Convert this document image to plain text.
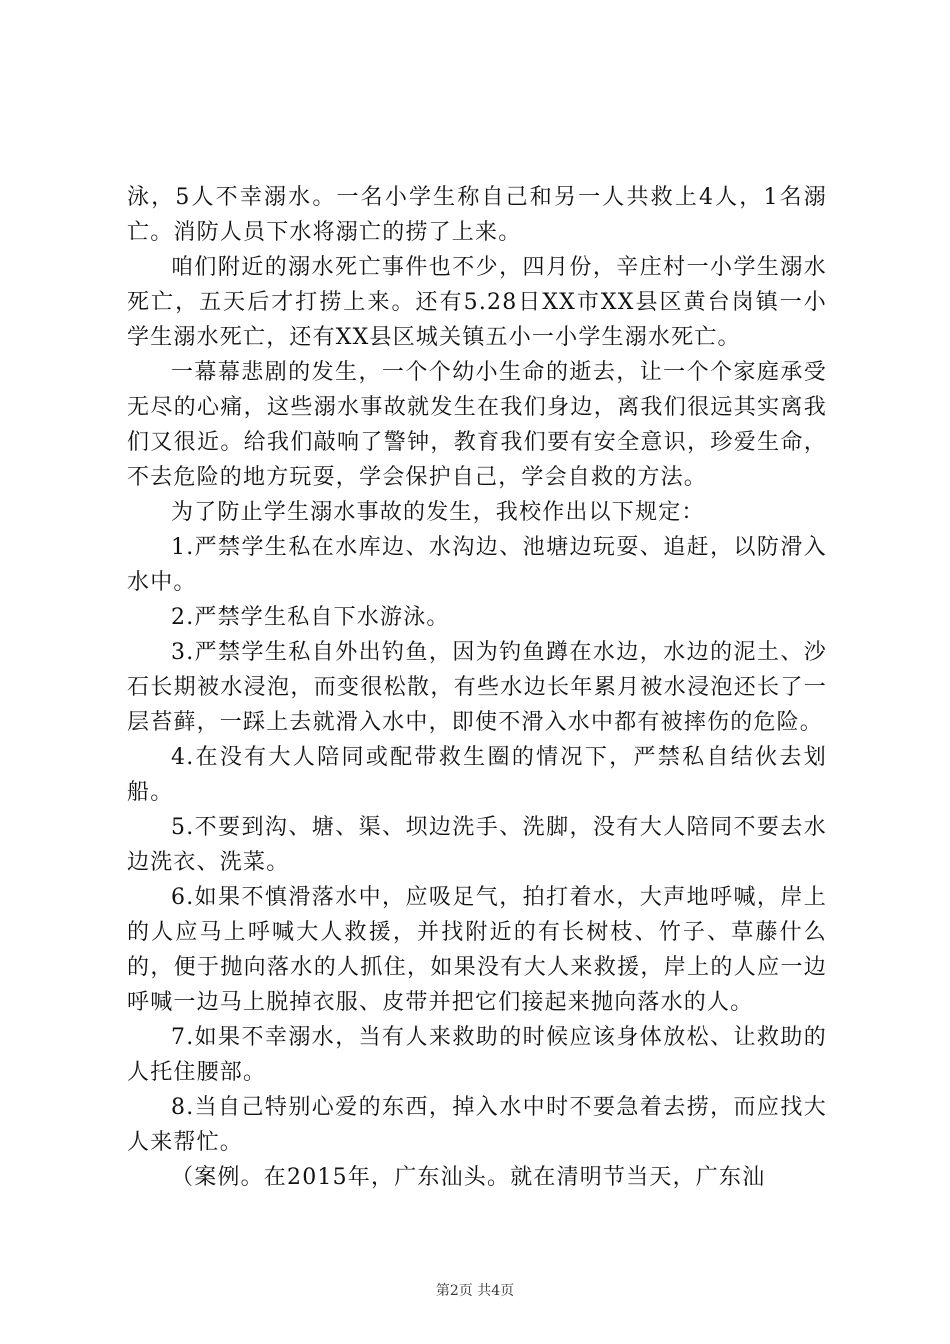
泳，5人不幸溺水。一名小学生称自己和另一人共救上4人，1名溺亡。消防人员下水将溺亡的捞了上来。

咱们附近的溺水死亡事件也不少，四月份，辛庄村一小学生溺水死亡，五天后才打捞上来。还有5.28日XX市XX县区黄台岗镇一小学生溺水死亡，还有XX县区城关镇五小一小学生溺水死亡。

一幕幕悲剧的发生，一个个幼小生命的逝去，让一个个家庭承受无尽的心痛，这些溺水事故就发生在我们身边，离我们很远其实离我们又很近。给我们敲响了警钟，教育我们要有安全意识，珍爱生命，不去危险的地方玩耍，学会保护自己，学会自救的方法。

为了防止学生溺水事故的发生，我校作出以下规定：

1.严禁学生私在水库边、水沟边、池塘边玩耍、追赶，以防滑入水中。

2.严禁学生私自下水游泳。

3.严禁学生私自外出钓鱼，因为钓鱼蹲在水边，水边的泥土、沙石长期被水浸泡，而变很松散，有些水边长年累月被水浸泡还长了一层苔藓，一踩上去就滑入水中，即使不滑入水中都有被摔伤的危险。

4.在没有大人陪同或配带救生圈的情况下，严禁私自结伙去划船。

5.不要到沟、塘、渠、坝边洗手、洗脚，没有大人陪同不要去水边洗衣、洗菜。

6.如果不慎滑落水中，应吸足气，拍打着水，大声地呼喊，岸上的人应马上呼喊大人救援，并找附近的有长树枝、竹子、草藤什么的，便于抛向落水的人抓住，如果没有大人来救援，岸上的人应一边呼喊一边马上脱掉衣服、皮带并把它们接起来抛向落水的人。

7.如果不幸溺水，当有人来救助的时候应该身体放松、让救助的人托住腰部。

8.当自己特别心爱的东西，掉入水中时不要急着去捞，而应找大人来帮忙。

（案例。在2015年，广东汕头。就在清明节当天，广东汕

第2页 共4页
